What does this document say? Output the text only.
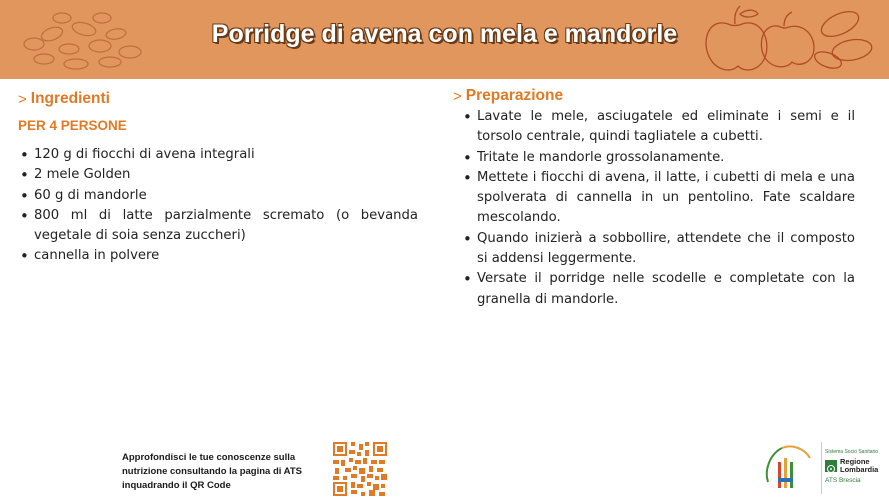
Porridge di avena con mela e mandorle
> Ingredienti
PER 4 PERSONE
• 120 g di fiocchi di avena integrali
• 2 mele Golden
• 60 g di mandorle
• 800 ml di latte parzialmente scremato (o bevanda vegetale di soia senza zuccheri)
• cannella in polvere
> Preparazione
• Lavate le mele, asciugatele ed eliminate i semi e il torsolo centrale, quindi tagliatele a cubetti.
• Tritate le mandorle grossolanamente.
• Mettete i fiocchi di avena, il latte, i cubetti di mela e una spolverata di cannella in un pentolino. Fate scaldare mescolando.
• Quando inizierà a sobbollire, attendete che il composto si addensi leggermente.
• Versate il porridge nelle scodelle e completate con la granella di mandorle.
Approfondisci le tue conoscenze sulla nutrizione consultando la pagina di ATS inquadrando il QR Code
Sistema Socio Sanitario
Regione
Lombardia
ATS Brescia
